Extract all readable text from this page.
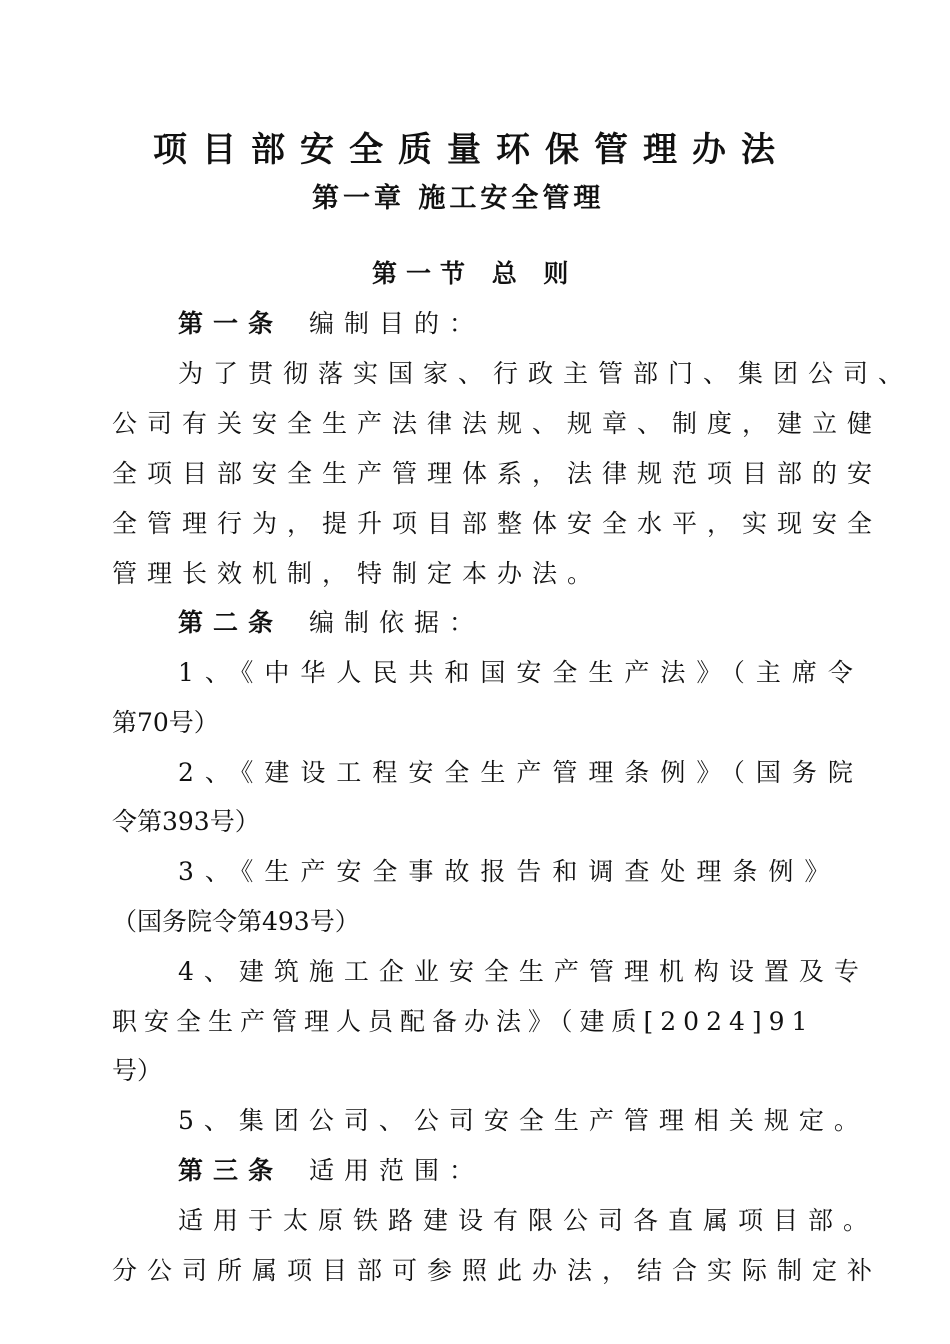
项目部安全质量环保管理办法
第一章 施工安全管理
第一节 总 则
第一条 编制目的：
为了贯彻落实国家、行政主管部门、集团公司、
公司有关安全生产法律法规、规章、制度，建立健
全项目部安全生产管理体系，法律规范项目部的安
全管理行为，提升项目部整体安全水平，实现安全
管理长效机制，特制定本办法。
第二条 编制依据：
1、《中华人民共和国安全生产法》（主席令
第70号）
2、《建设工程安全生产管理条例》（国务院
令第393号）
3、《生产安全事故报告和调查处理条例》
（国务院令第493号）
4、建筑施工企业安全生产管理机构设置及专
职安全生产管理人员配备办法》（建质[2024]91
号）
5、集团公司、公司安全生产管理相关规定。
第三条 适用范围：
适用于太原铁路建设有限公司各直属项目部。
分公司所属项目部可参照此办法，结合实际制定补
